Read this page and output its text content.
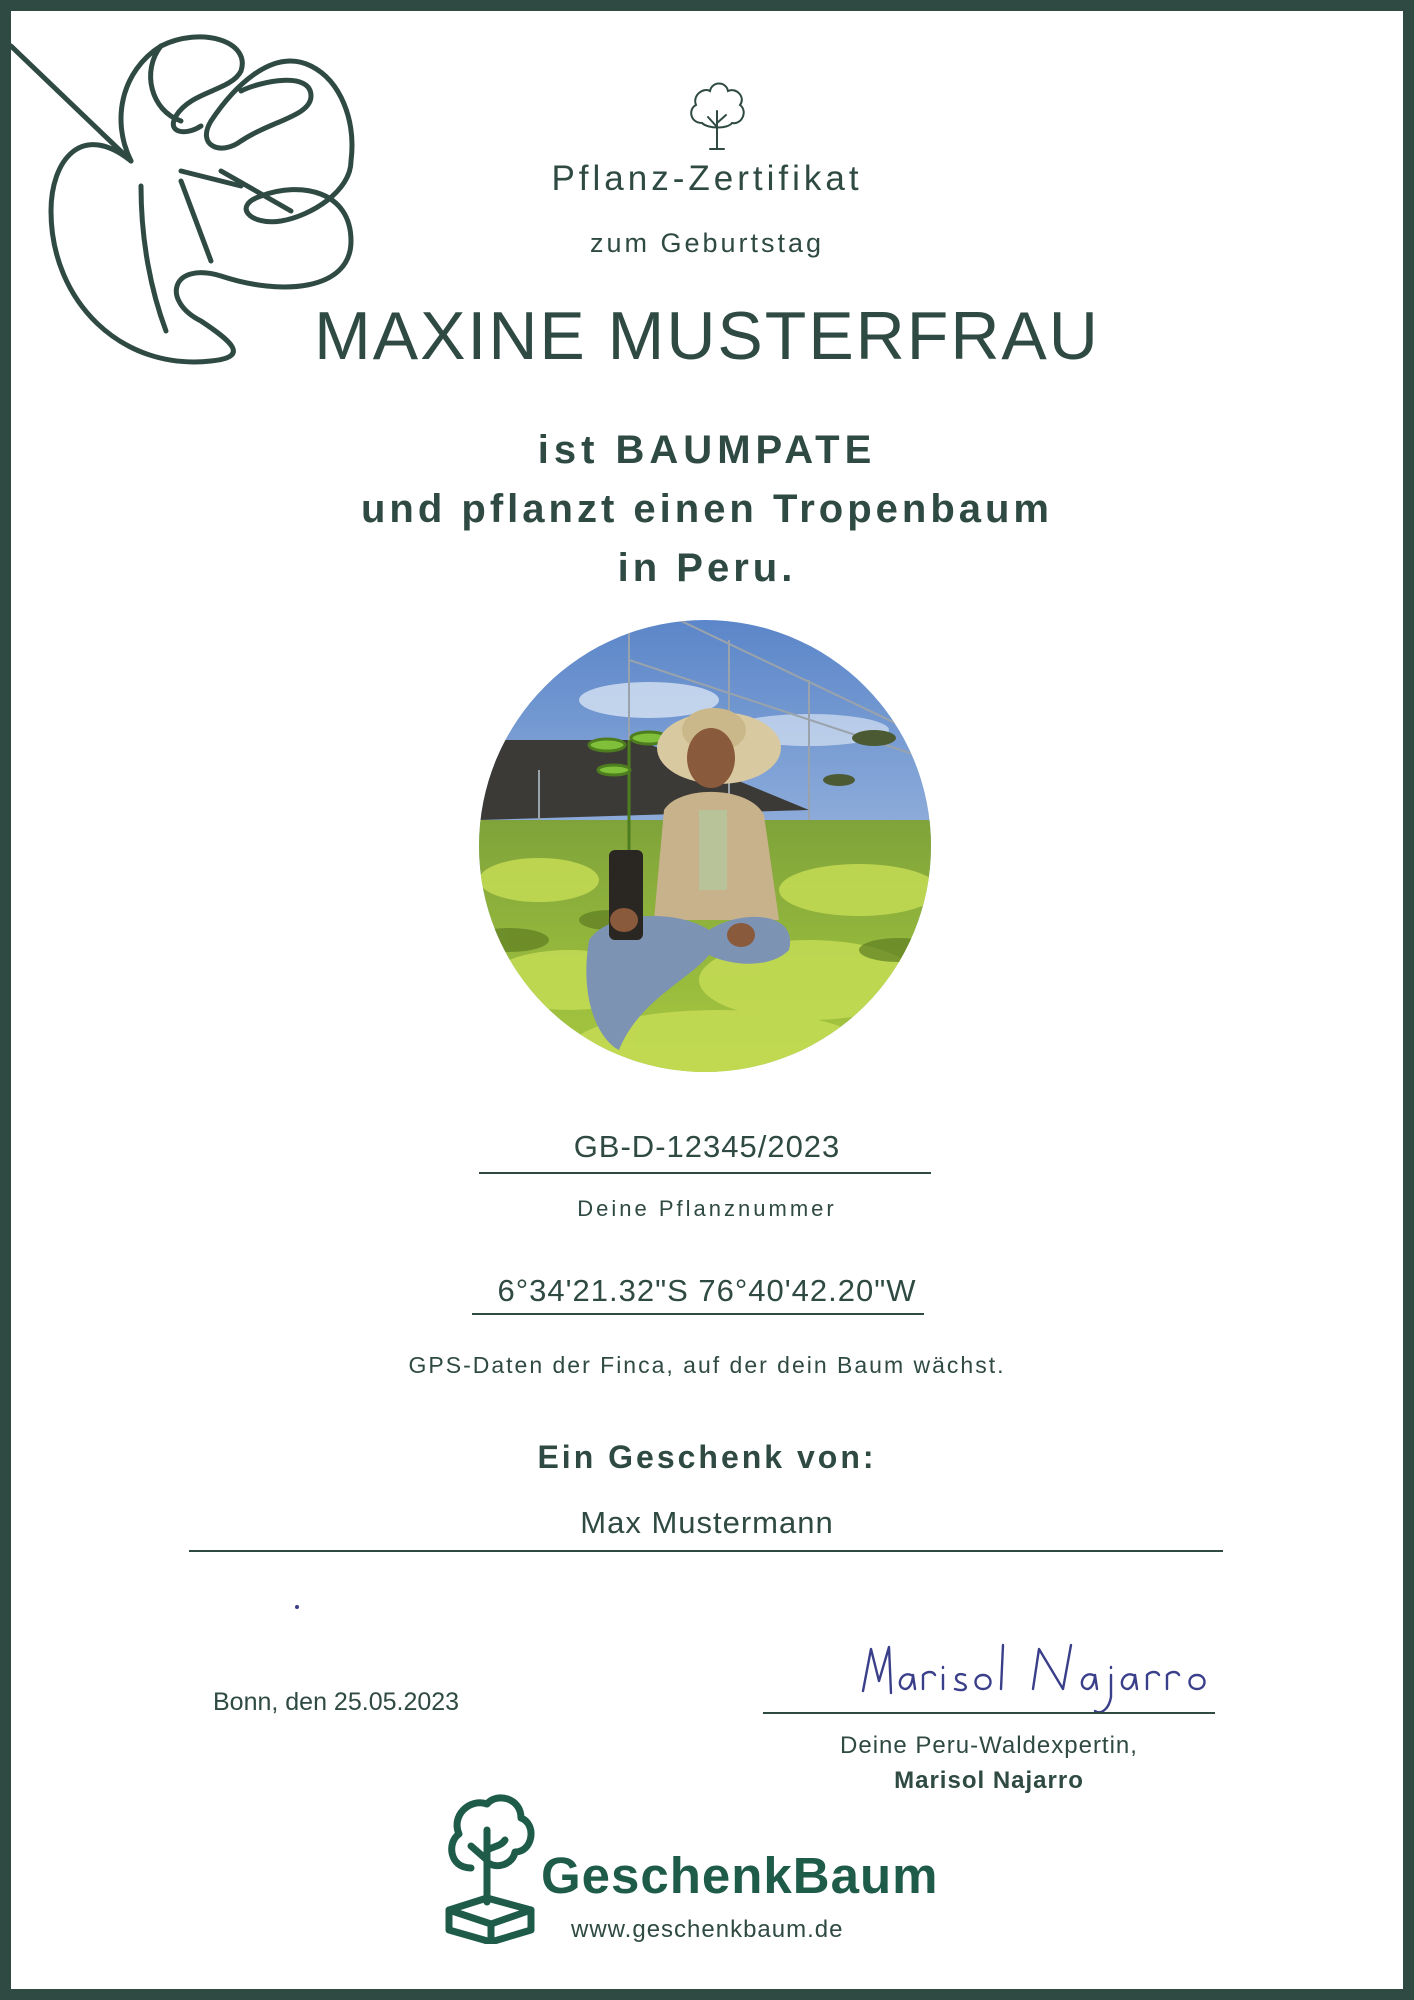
Pflanz-Zertifikat
zum Geburtstag
MAXINE MUSTERFRAU
ist BAUMPATE
und pflanzt einen Tropenbaum
in Peru.
GB-D-12345/2023
Deine Pflanznummer
6°34'21.32"S 76°40'42.20"W
GPS-Daten der Finca, auf der dein Baum wächst.
Ein Geschenk von:
Max Mustermann
Bonn, den 25.05.2023
Deine Peru-Waldexpertin,
Marisol Najarro
GeschenkBaum
www.geschenkbaum.de
